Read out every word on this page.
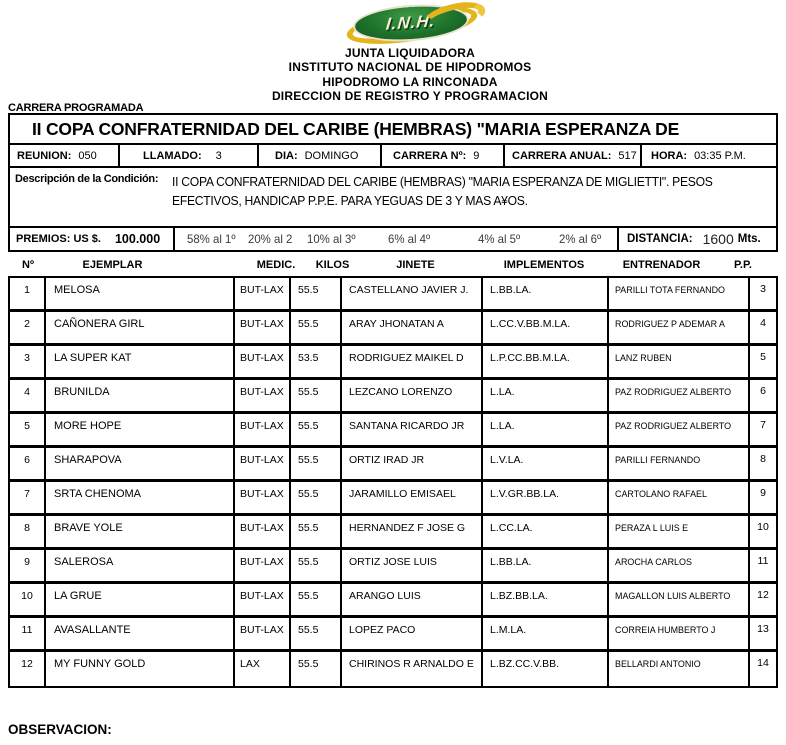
I.N.H.
JUNTA LIQUIDADORA
INSTITUTO NACIONAL DE HIPODROMOS
HIPODROMO LA RINCONADA
DIRECCION DE REGISTRO Y PROGRAMACION
CARRERA PROGRAMADA
II COPA CONFRATERNIDAD DEL CARIBE (HEMBRAS) "MARIA ESPERANZA DE
REUNION: 050	LLAMADO: 3	DIA: DOMINGO	CARRERA Nº: 9	CARRERA ANUAL: 517 HORA: 03:35 P.M.
Descripción de la Condición: II COPA CONFRATERNIDAD DEL CARIBE (HEMBRAS) "MARIA ESPERANZA DE MIGLIETTI". PESOS EFECTIVOS, HANDICAP P.P.E. PARA YEGUAS DE 3 Y MAS A¥OS.
PREMIOS: US $. 100.000 58% al 1º 20% al 2 10% al 3º	6% al 4º	4% al 5º	2% al 6º DISTANCIA: 1600 Mts.
Nº	EJEMPLAR	MEDIC.	KILOS	JINETE	IMPLEMENTOS	ENTRENADOR	P.P.
1	MELOSA	BUT-LAX	55.5	CASTELLANO JAVIER J.	L.BB.LA.	PARILLI TOTA FERNANDO	3
2	CAÑONERA GIRL	BUT-LAX	55.5	ARAY JHONATAN A	L.CC.V.BB.M.LA.	RODRIGUEZ P ADEMAR A	4
3	LA SUPER KAT	BUT-LAX	53.5	RODRIGUEZ MAIKEL D	L.P.CC.BB.M.LA.	LANZ RUBEN	5
4	BRUNILDA	BUT-LAX	55.5	LEZCANO LORENZO	L.LA.	PAZ RODRIGUEZ ALBERTO	6
5	MORE HOPE	BUT-LAX	55.5	SANTANA RICARDO JR	L.LA.	PAZ RODRIGUEZ ALBERTO	7
6	SHARAPOVA	BUT-LAX	55.5	ORTIZ IRAD JR	L.V.LA.	PARILLI FERNANDO	8
7	SRTA CHENOMA	BUT-LAX	55.5	JARAMILLO EMISAEL	L.V.GR.BB.LA.	CARTOLANO RAFAEL	9
8	BRAVE YOLE	BUT-LAX	55.5	HERNANDEZ F JOSE G	L.CC.LA.	PERAZA L LUIS E	10
9	SALEROSA	BUT-LAX	55.5	ORTIZ JOSE LUIS	L.BB.LA.	AROCHA CARLOS	11
10	LA GRUE	BUT-LAX	55.5	ARANGO LUIS	L.BZ.BB.LA.	MAGALLON LUIS ALBERTO	12
11	AVASALLANTE	BUT-LAX	55.5	LOPEZ PACO	L.M.LA.	CORREIA HUMBERTO J	13
12	MY FUNNY GOLD	LAX	55.5	CHIRINOS R ARNALDO E	L.BZ.CC.V.BB.	BELLARDI ANTONIO	14
OBSERVACION:
